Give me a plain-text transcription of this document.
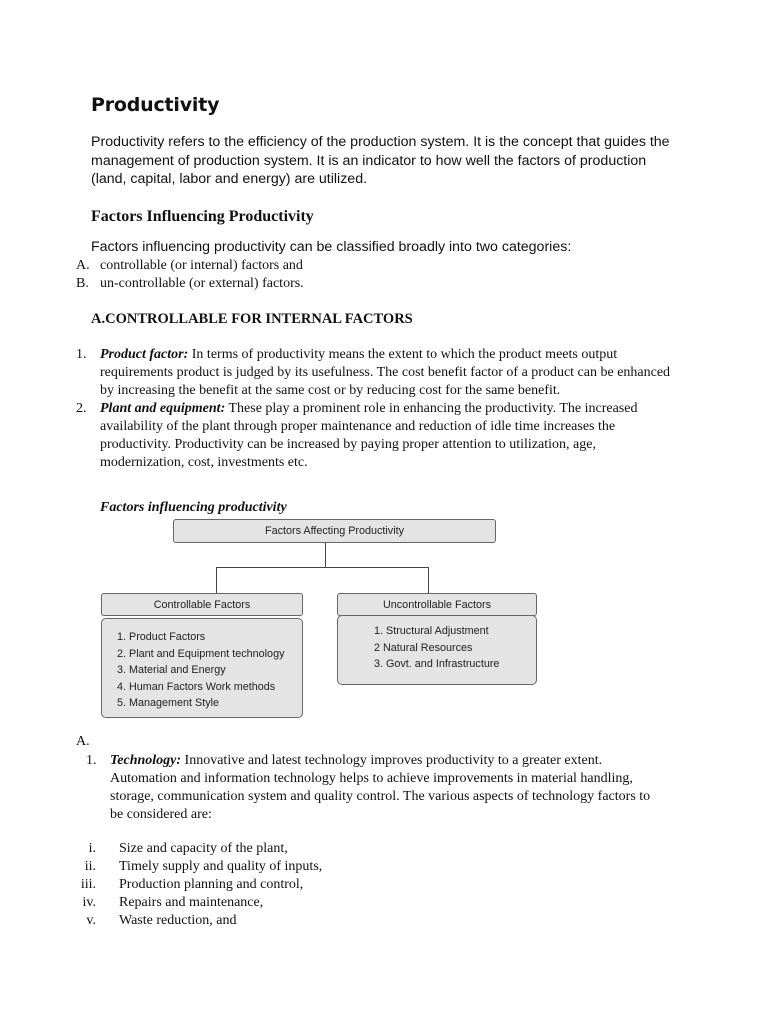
Productivity
Productivity refers to the efficiency of the production system. It is the concept that guides the management of production system. It is an indicator to how well the factors of production (land, capital, labor and energy) are utilized.
Factors Influencing Productivity
Factors influencing productivity can be classified broadly into two categories:
A. controllable (or internal) factors and
B. un-controllable (or external) factors.
A.CONTROLLABLE FOR INTERNAL FACTORS
1. Product factor: In terms of productivity means the extent to which the product meets output requirements product is judged by its usefulness. The cost benefit factor of a product can be enhanced by increasing the benefit at the same cost or by reducing cost for the same benefit.
2. Plant and equipment: These play a prominent role in enhancing the productivity. The increased availability of the plant through proper maintenance and reduction of idle time increases the productivity. Productivity can be increased by paying proper attention to utilization, age, modernization, cost, investments etc.
Factors influencing productivity
Factors Affecting Productivity
Controllable Factors
1. Product Factors
2. Plant and Equipment technology
3. Material and Energy
4. Human Factors Work methods
5. Management Style
Uncontrollable Factors
1. Structural Adjustment
2 Natural Resources
3. Govt. and Infrastructure
A.
1. Technology: Innovative and latest technology improves productivity to a greater extent. Automation and information technology helps to achieve improvements in material handling, storage, communication system and quality control. The various aspects of technology factors to be considered are:
i. Size and capacity of the plant,
ii. Timely supply and quality of inputs,
iii. Production planning and control,
iv. Repairs and maintenance,
v. Waste reduction, and
